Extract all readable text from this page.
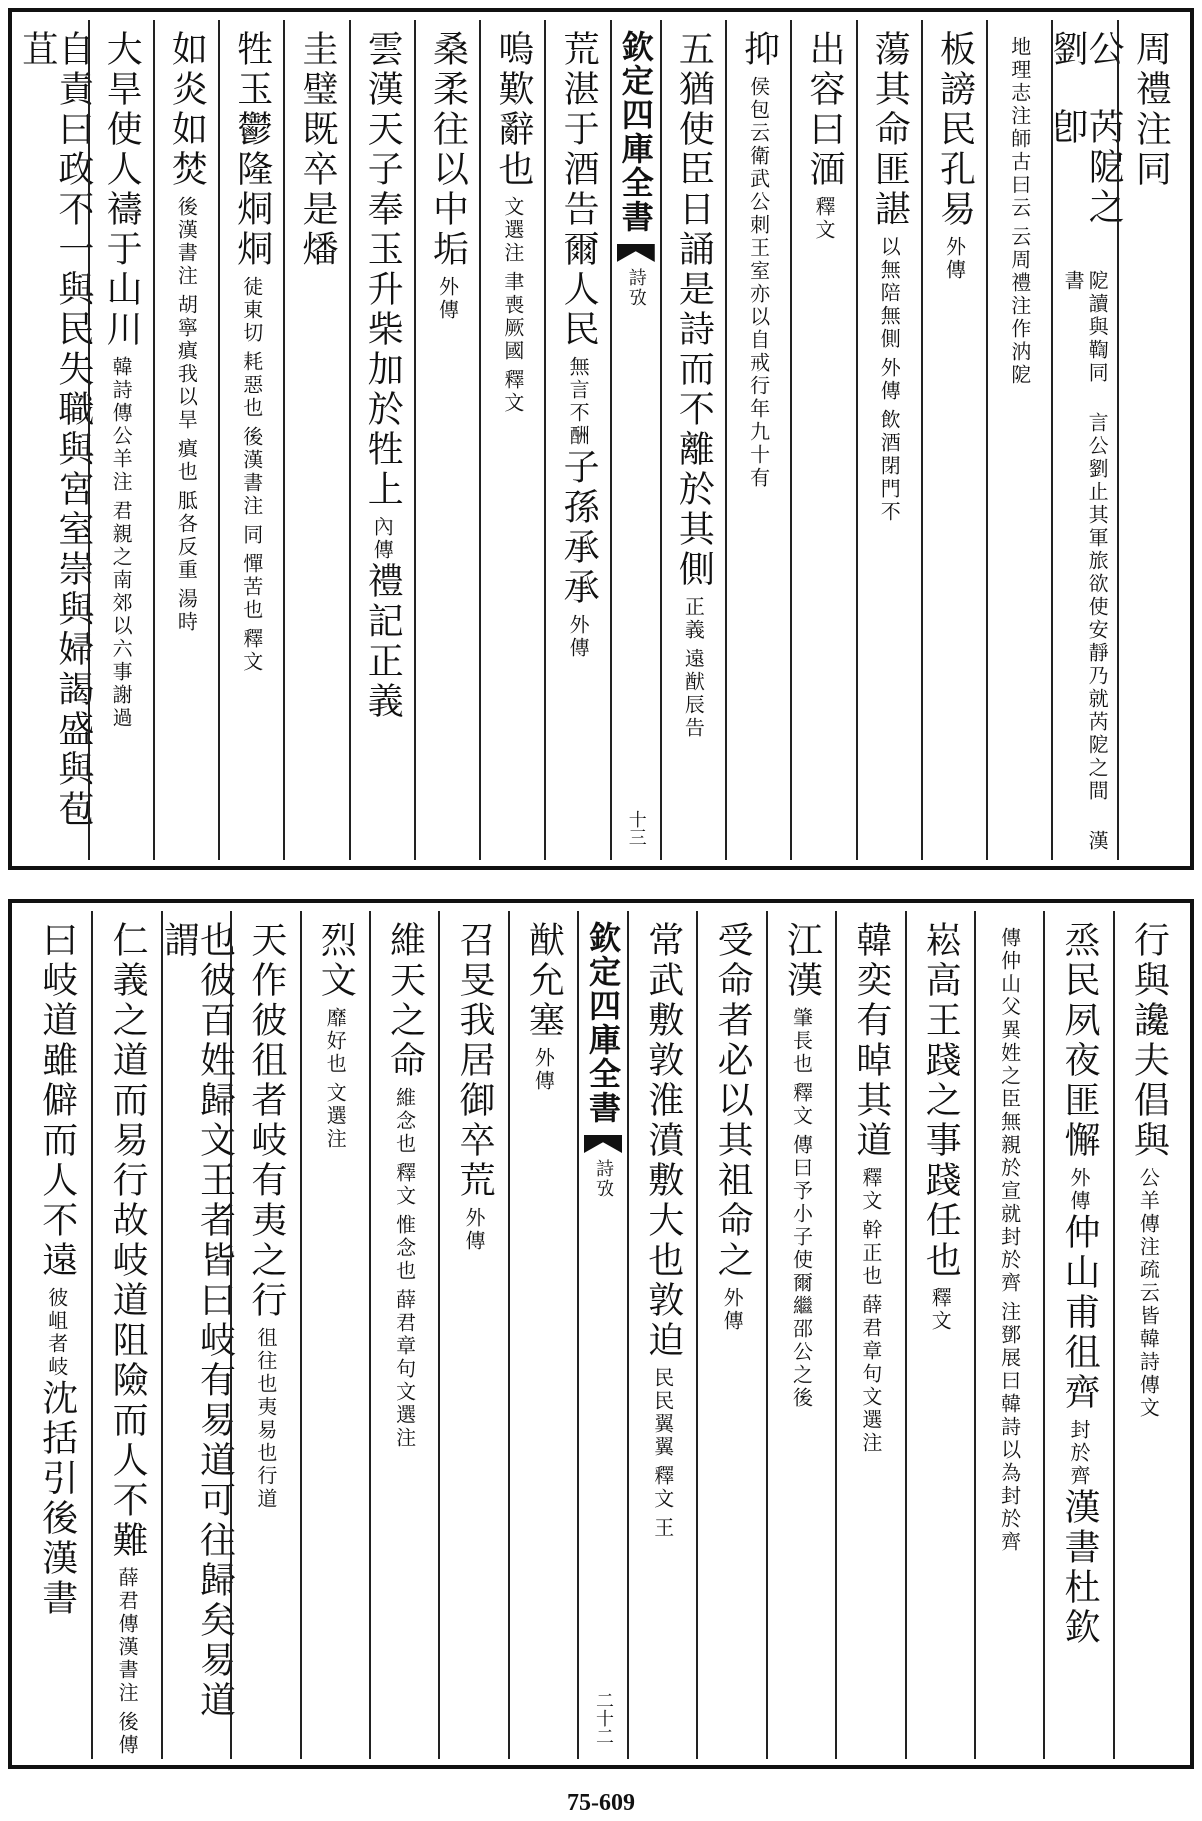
周禮注同
公劉
芮阸之卽
阸讀與鞫同 言公劉止其軍旅欲使安靜乃就芮阸之間 漢書
地理志注師古曰云
云周禮注作汭阸
板
謗民孔易
外傳
蕩
其命匪諶
以無陪無側
外傳
飲酒閉門不
出容曰湎
釋文
抑
侯包云衛武公刺王室亦以自戒行年九十有
五猶使臣日誦是詩而不離於其側
正義
遠猷辰告
欽定四庫全書
詩攷
十三
荒湛于酒
告爾人民
無言不酬
子孫承承
外傳
嗚歎辭也
文選注
聿喪厥國
釋文
桑柔
往以中垢
外傳
雲漢
天子奉玉升柴加於牲上
內傳
禮記正義
圭璧既卒是燔
牲玉
鬱隆烔烔
徒東切
耗惡也
後漢書注
同
憚苦也
釋文
如炎如焚
後漢書注
胡寧瘨我以旱
瘨也
胝各反重
湯時
大旱使人禱于山川
韓詩傳公羊注
君親之南郊以六事謝過
自責曰政不一與民失職與宮室崇與婦謁盛與苞苴
行與讒夫倡與
公羊傳注疏云皆韓詩傳文
烝民
夙夜匪懈
外傳
仲山甫徂齊
封於齊
漢書杜欽
傳仲山父異姓之臣無親於宣就封於齊
注鄧展曰韓詩以為封於齊
崧高
王踐之事踐任也
釋文
韓奕
有晫其道
釋文
幹正也
薛君章句文選注
江漢
肇長也
釋文
傳曰予小子使爾繼邵公之後
受命者必以其祖命之
外傳
常武
敷敦淮濆敷大也敦迫
民民翼翼
釋文
王
欽定四庫全書
詩攷
二十二
猷允塞
外傳
召旻
我居御卒荒
外傳
維天之命
維念也
釋文
惟念也
薛君章句文選注
烈文
靡好也
文選注
天作
彼徂者岐有夷之行
徂往也夷易也行道
也彼百姓歸文王者皆曰岐有易道可往歸矣易道謂
仁義之道而易行故岐道阻險而人不難
薛君傳漢書注
後傳
曰岐道雖僻而人不遠
彼岨者岐
沈括引後漢書
75-609
